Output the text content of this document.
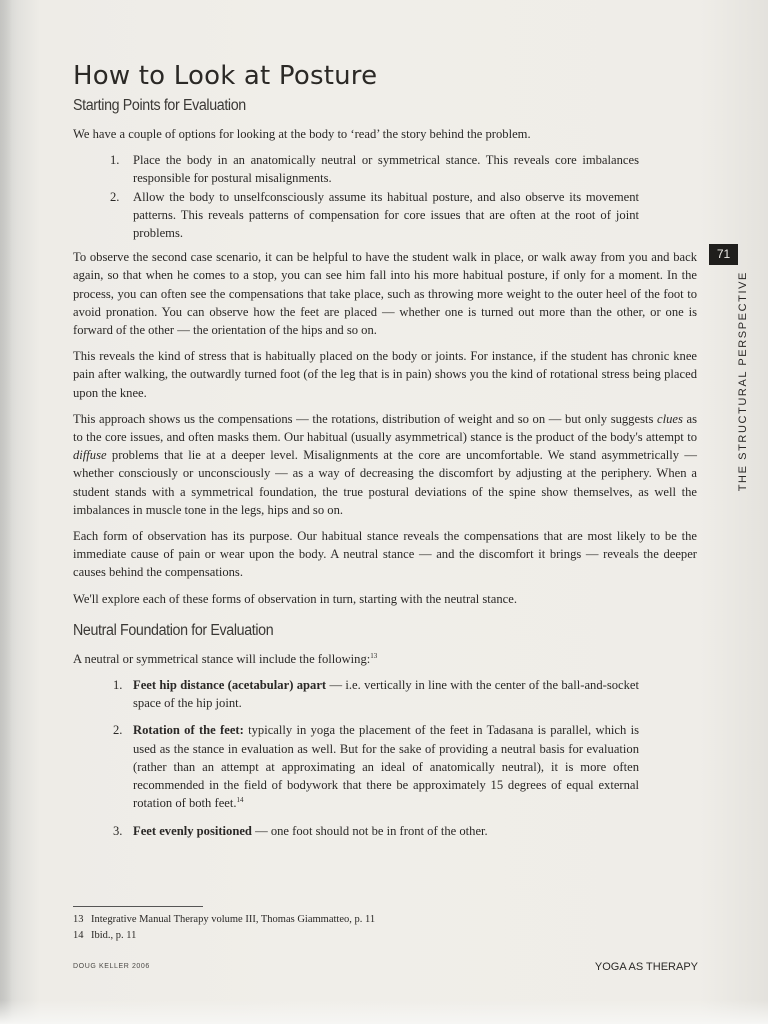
How to Look at Posture
Starting Points for Evaluation

We have a couple of options for looking at the body to ‘read’ the story behind the problem.

1. Place the body in an anatomically neutral or symmetrical stance. This reveals core imbalances responsible for postural misalignments.
2. Allow the body to unselfconsciously assume its habitual posture, and also observe its movement patterns. This reveals patterns of compensation for core issues that are often at the root of joint problems.

To observe the second case scenario, it can be helpful to have the student walk in place, or walk away from you and back again, so that when he comes to a stop, you can see him fall into his more habitual posture, if only for a moment. In the process, you can often see the compensations that take place, such as throwing more weight to the outer heel of the foot to avoid pronation. You can observe how the feet are placed — whether one is turned out more than the other, or one is forward of the other — the orientation of the hips and so on.

This reveals the kind of stress that is habitually placed on the body or joints. For instance, if the student has chronic knee pain after walking, the outwardly turned foot (of the leg that is in pain) shows you the kind of rotational stress being placed upon the knee.

This approach shows us the compensations — the rotations, distribution of weight and so on — but only suggests clues as to the core issues, and often masks them. Our habitual (usually asymmetrical) stance is the product of the body's attempt to diffuse problems that lie at a deeper level. Misalignments at the core are uncomfortable. We stand asymmetrically — whether consciously or unconsciously — as a way of decreasing the discomfort by adjusting at the periphery. When a student stands with a symmetrical foundation, the true postural deviations of the spine show themselves, as well the imbalances in muscle tone in the legs, hips and so on.

Each form of observation has its purpose. Our habitual stance reveals the compensations that are most likely to be the immediate cause of pain or wear upon the body. A neutral stance — and the discomfort it brings — reveals the deeper causes behind the compensations.

We'll explore each of these forms of observation in turn, starting with the neutral stance.

Neutral Foundation for Evaluation

A neutral or symmetrical stance will include the following:$^{13}$

1. Feet hip distance (acetabular) apart — i.e. vertically in line with the center of the ball-and-socket space of the hip joint.
2. Rotation of the feet: typically in yoga the placement of the feet in Tadasana is parallel, which is used as the stance in evaluation as well. But for the sake of providing a neutral basis for evaluation (rather than an attempt at approximating an ideal of anatomically neutral), it is more often recommended in the field of bodywork that there be approximately 15 degrees of equal external rotation of both feet.$^{14}$
3. Feet evenly positioned — one foot should not be in front of the other.
13 Integrative Manual Therapy volume III, Thomas Giammatteo, p. 11
14 Ibid., p. 11
DOUG KELLER 2006	YOGA AS THERAPY
71
THE STRUCTURAL PERSPECTIVE
